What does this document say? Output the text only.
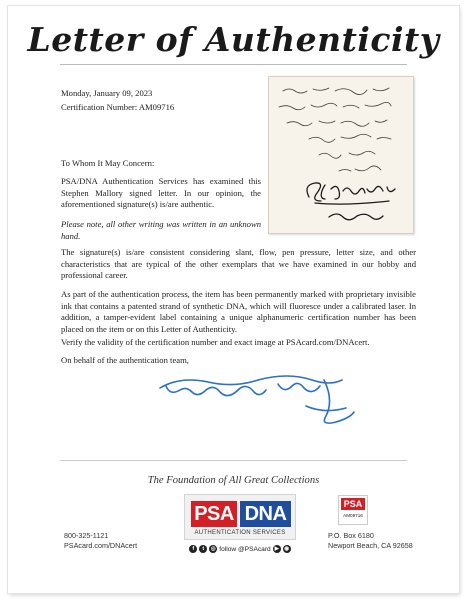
Letter of Authenticity
Monday, January 09, 2023
Certification Number: AM09716
To Whom It May Concern:
PSA/DNA Authentication Services has examined this Stephen Mallory signed letter. In our opinion, the aforementioned signature(s) is/are authentic.
Please note, all other writing was written in an unknown hand.
The signature(s) is/are consistent considering slant, flow, pen pressure, letter size, and other characteristics that are typical of the other exemplars that we have examined in our hobby and professional career.
As part of the authentication process, the item has been permanently marked with proprietary invisible ink that contains a patented strand of synthetic DNA, which will fluoresce under a calibrated laser. In addition, a tamper-evident label containing a unique alphanumeric certification number has been placed on the item or on this Letter of Authenticity.
Verify the validity of the certification number and exact image at PSAcard.com/DNAcert.
On behalf of the authentication team,
The Foundation of All Great Collections
800-325-1121
PSAcard.com/DNAcert
PSA DNA
AUTHENTICATION SERVICES
f	t	◎ follow @PSAcard ▶ ◉
PSA
AM09716
P.O. Box 6180
Newport Beach, CA 92658
